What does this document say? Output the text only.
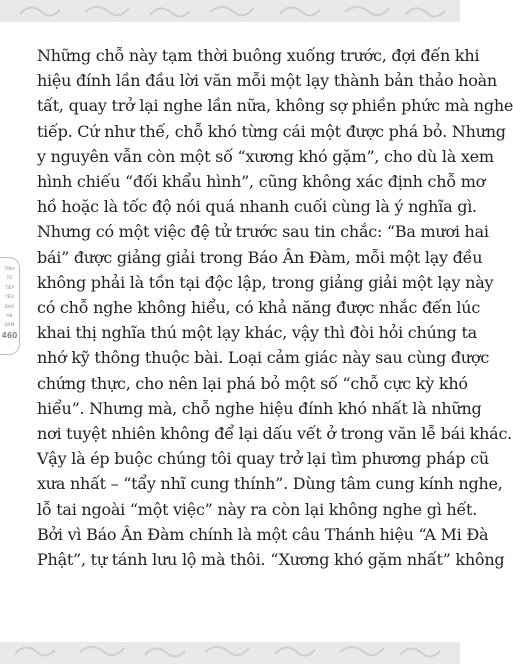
TINH
TU
TIEP
YEU
BAO
AN
DAM
460
Những chỗ này tạm thời buông xuống trước, đợi đến khi
hiệu đính lần đầu lời văn mỗi một lạy thành bản thảo hoàn
tất, quay trở lại nghe lần nữa, không sợ phiền phức mà nghe
tiếp. Cứ như thế, chỗ khó từng cái một được phá bỏ. Nhưng
y nguyên vẫn còn một số “xương khó gặm”, cho dù là xem
hình chiếu “đối khẩu hình”, cũng không xác định chỗ mơ
hồ hoặc là tốc độ nói quá nhanh cuối cùng là ý nghĩa gì.
Nhưng có một việc đệ tử trước sau tin chắc: “Ba mươi hai
bái” được giảng giải trong Báo Ân Đàm, mỗi một lạy đều
không phải là tồn tại độc lập, trong giảng giải một lạy này
có chỗ nghe không hiểu, có khả năng được nhắc đến lúc
khai thị nghĩa thú một lạy khác, vậy thì đòi hỏi chúng ta
nhớ kỹ thông thuộc bài. Loại cảm giác này sau cùng được
chứng thực, cho nên lại phá bỏ một số “chỗ cực kỳ khó
hiểu”. Nhưng mà, chỗ nghe hiệu đính khó nhất là những
nơi tuyệt nhiên không để lại dấu vết ở trong văn lễ bái khác.
Vậy là ép buộc chúng tôi quay trở lại tìm phương pháp cũ
xưa nhất – “tẩy nhĩ cung thính”. Dùng tâm cung kính nghe,
lỗ tai ngoài “một việc” này ra còn lại không nghe gì hết.
Bởi vì Báo Ân Đàm chính là một câu Thánh hiệu “A Mi Đà
Phật”, tự tánh lưu lộ mà thôi. “Xương khó gặm nhất” không
